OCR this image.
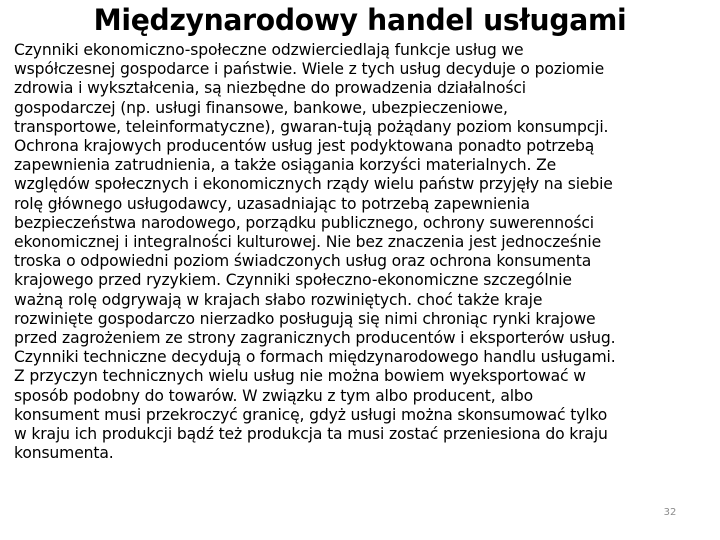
Międzynarodowy handel usługami
Czynniki ekonomiczno-społeczne odzwierciedlają funkcje usług we
współczesnej gospodarce i państwie. Wiele z tych usług decyduje o poziomie
zdrowia i wykształcenia, są niezbędne do prowadzenia działalności
gospodarczej (np. usługi finansowe, bankowe, ubezpieczeniowe,
transportowe, teleinformatyczne), gwaran-tują pożądany poziom konsumpcji.
Ochrona krajowych producentów usług jest podyktowana ponadto potrzebą
zapewnienia zatrudnienia, a także osiągania korzyści materialnych. Ze
względów społecznych i ekonomicznych rządy wielu państw przyjęły na siebie
rolę głównego usługodawcy, uzasadniając to potrzebą zapewnienia
bezpieczeństwa narodowego, porządku publicznego, ochrony suwerenności
ekonomicznej i integralności kulturowej. Nie bez znaczenia jest jednocześnie
troska o odpowiedni poziom świadczonych usług oraz ochrona konsumenta
krajowego przed ryzykiem. Czynniki społeczno-ekonomiczne szczególnie
ważną rolę odgrywają w krajach słabo rozwiniętych. choć także kraje
rozwinięte gospodarczo nierzadko posługują się nimi chroniąc rynki krajowe
przed zagrożeniem ze strony zagranicznych producentów i eksporterów usług.
Czynniki techniczne decydują o formach międzynarodowego handlu usługami.
Z przyczyn technicznych wielu usług nie można bowiem wyeksportować w
sposób podobny do towarów. W związku z tym albo producent, albo
konsument musi przekroczyć granicę, gdyż usługi można skonsumować tylko
w kraju ich produkcji bądź też produkcja ta musi zostać przeniesiona do kraju
konsumenta.
32
